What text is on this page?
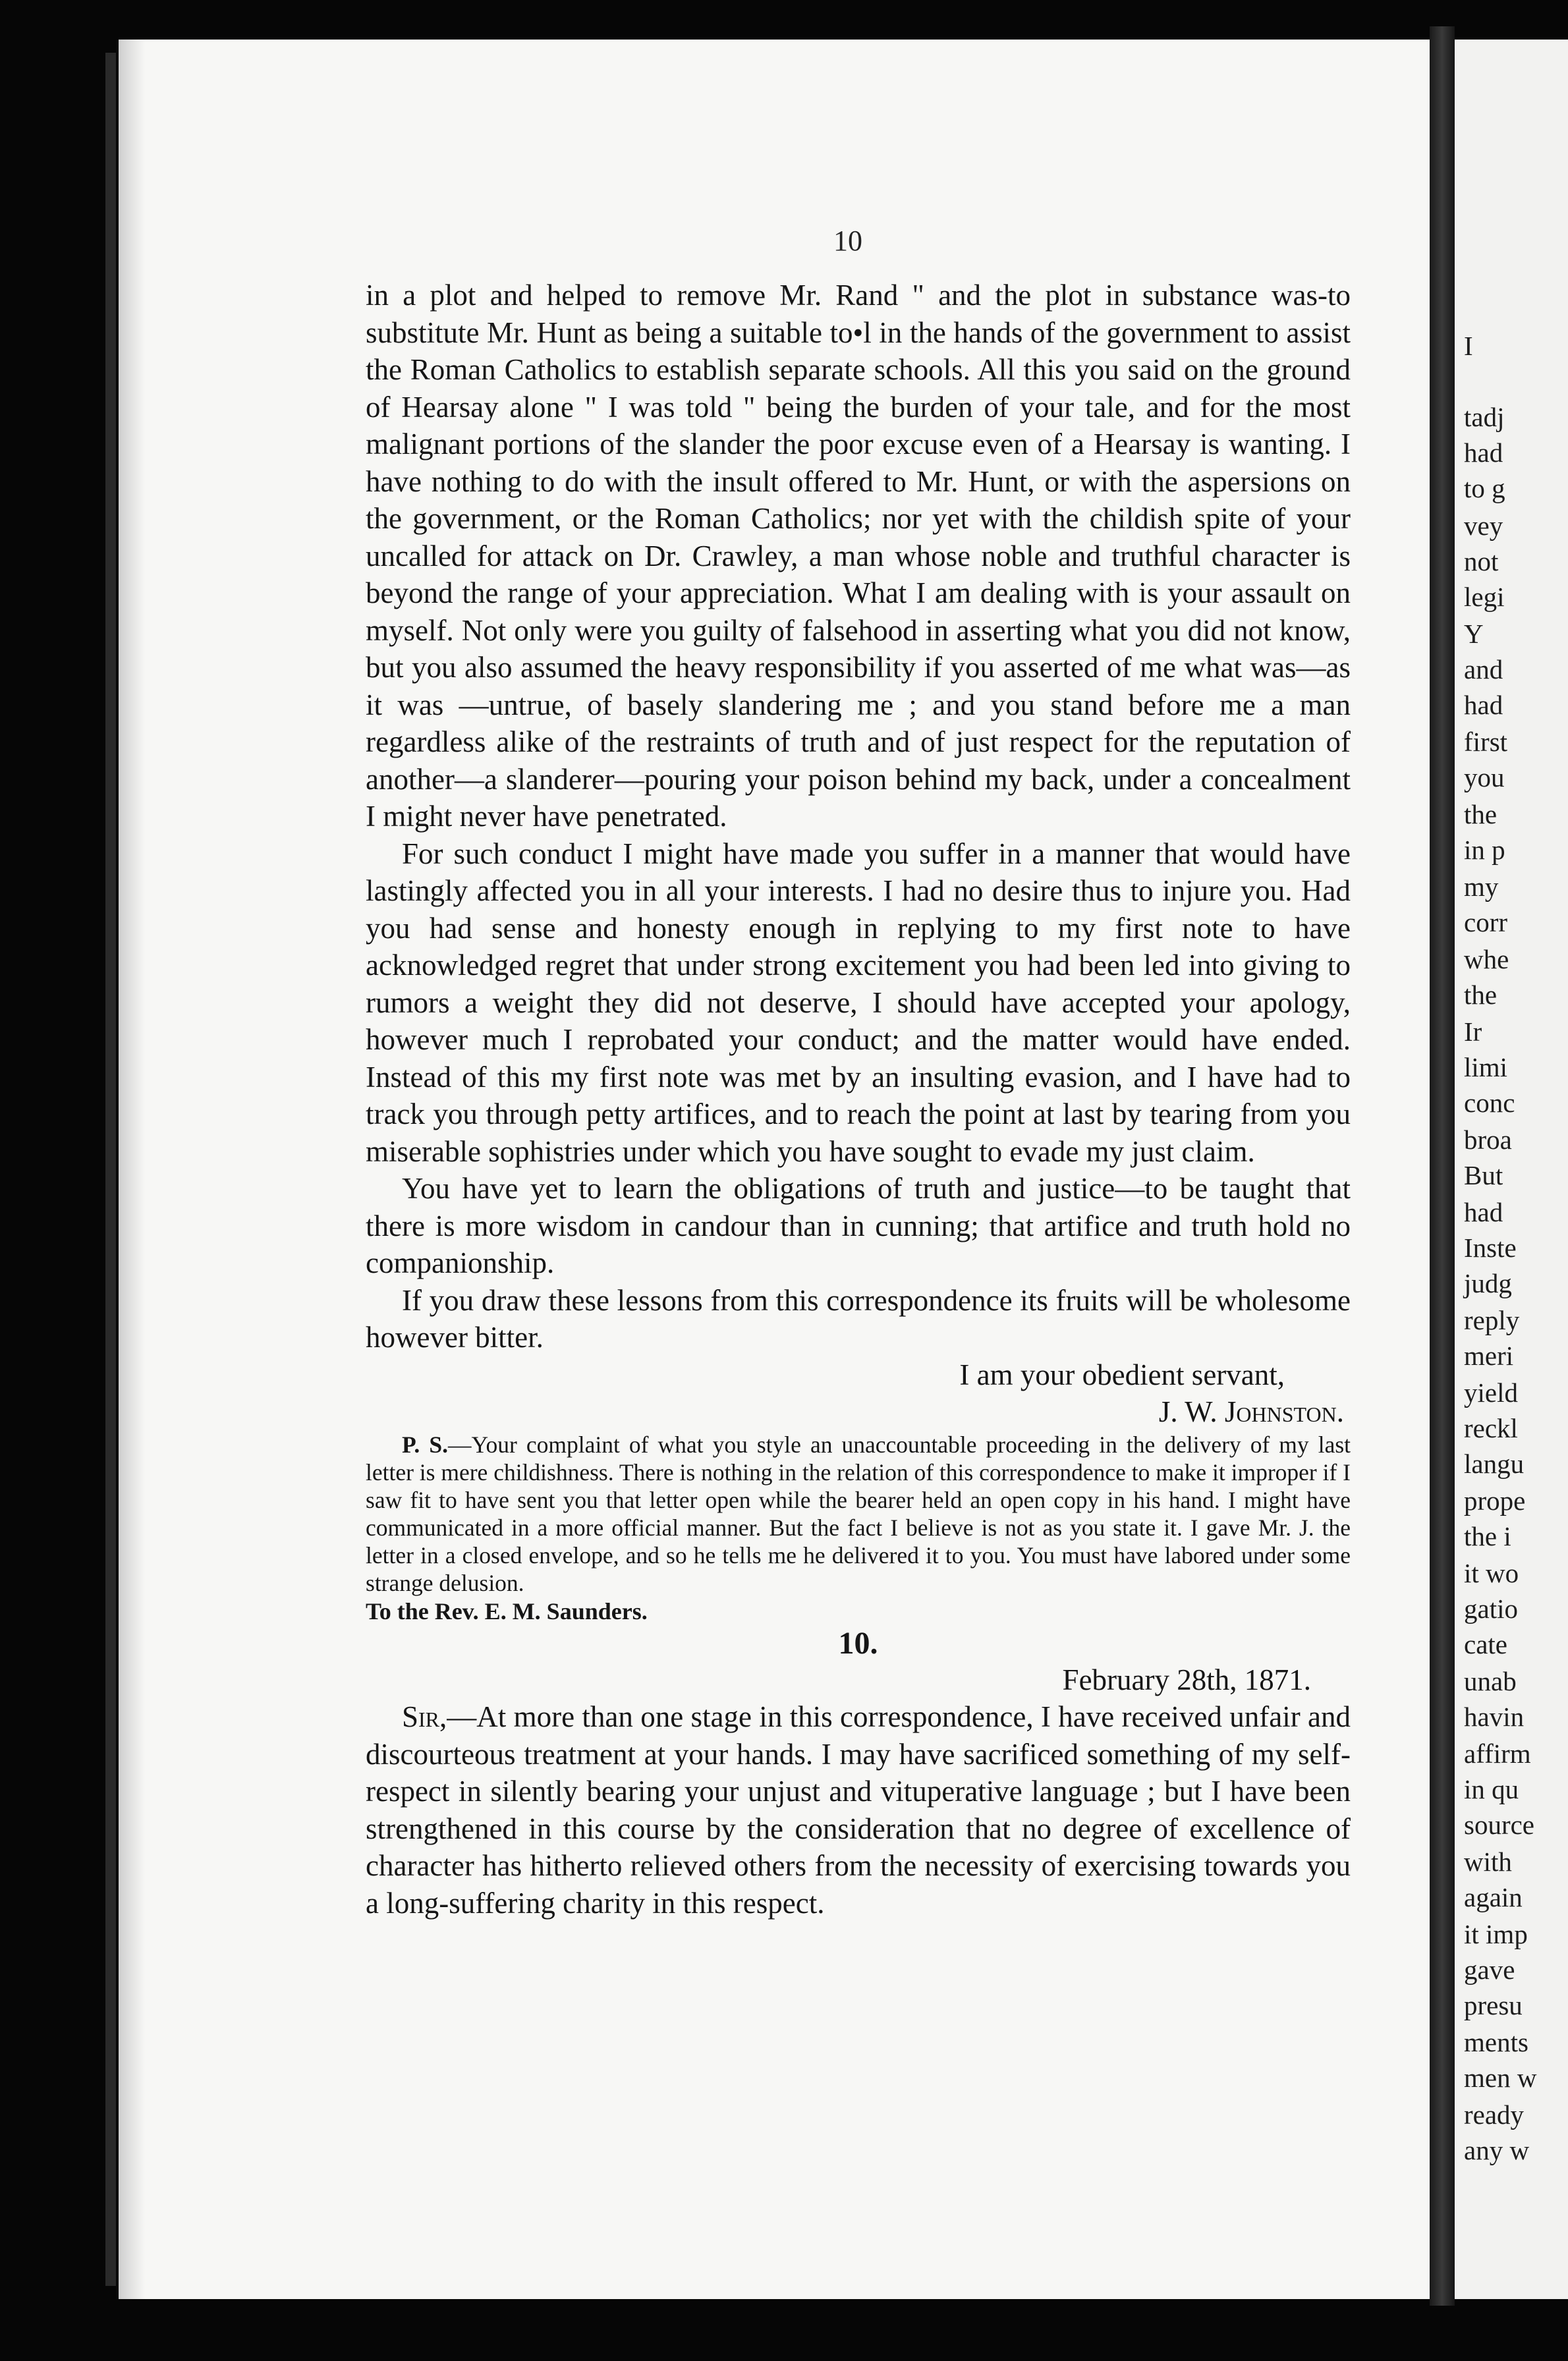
I
tadj
had
to g
vey
not
legi
Y
and
had
first
you
the
in p
my
corr
whe
the
Ir
limi
conc
broa
But
had
Inste
judg
reply
meri
yield
reckl
langu
prope
the i
it wo
gatio
cate
unab
havin
affirm
in qu
source
with
again
it imp
gave
presu
ments
men w
ready
any w
10

in a plot and helped to remove Mr. Rand " and the plot in substance was-to substitute Mr. Hunt as being a suitable to•l in the hands of the government to assist the Roman Catholics to establish separate schools. All this you said on the ground of Hearsay alone " I was told " being the burden of your tale, and for the most malignant portions of the slander the poor excuse even of a Hearsay is wanting. I have nothing to do with the insult offered to Mr. Hunt, or with the aspersions on the government, or the Roman Catholics; nor yet with the childish spite of your uncalled for attack on Dr. Crawley, a man whose noble and truthful character is beyond the range of your appreciation. What I am dealing with is your assault on myself. Not only were you guilty of falsehood in asserting what you did not know, but you also assumed the heavy responsibility if you asserted of me what was—as it was —untrue, of basely slandering me ; and you stand before me a man regardless alike of the restraints of truth and of just respect for the reputation of another—a slanderer—pouring your poison behind my back, under a concealment I might never have penetrated.

For such conduct I might have made you suffer in a manner that would have lastingly affected you in all your interests. I had no desire thus to injure you. Had you had sense and honesty enough in replying to my first note to have acknowledged regret that under strong excitement you had been led into giving to rumors a weight they did not deserve, I should have accepted your apology, however much I reprobated your conduct; and the matter would have ended. Instead of this my first note was met by an insulting evasion, and I have had to track you through petty artifices, and to reach the point at last by tearing from you miserable sophistries under which you have sought to evade my just claim.

You have yet to learn the obligations of truth and justice—to be taught that there is more wisdom in candour than in cunning; that artifice and truth hold no companionship.

If you draw these lessons from this correspondence its fruits will be wholesome however bitter.

I am your obedient servant,

J. W. Johnston.

P. S.—Your complaint of what you style an unaccountable proceeding in the delivery of my last letter is mere childishness. There is nothing in the relation of this correspondence to make it improper if I saw fit to have sent you that letter open while the bearer held an open copy in his hand. I might have communicated in a more official manner. But the fact I believe is not as you state it. I gave Mr. J. the letter in a closed envelope, and so he tells me he delivered it to you. You must have labored under some strange delusion.

To the Rev. E. M. Saunders.

10.

February 28th, 1871.

Sir,—At more than one stage in this correspondence, I have received unfair and discourteous treatment at your hands. I may have sacrificed something of my self-respect in silently bearing your unjust and vituperative language ; but I have been strengthened in this course by the consideration that no degree of excellence of character has hitherto relieved others from the necessity of exercising towards you a long-suffering charity in this respect.
